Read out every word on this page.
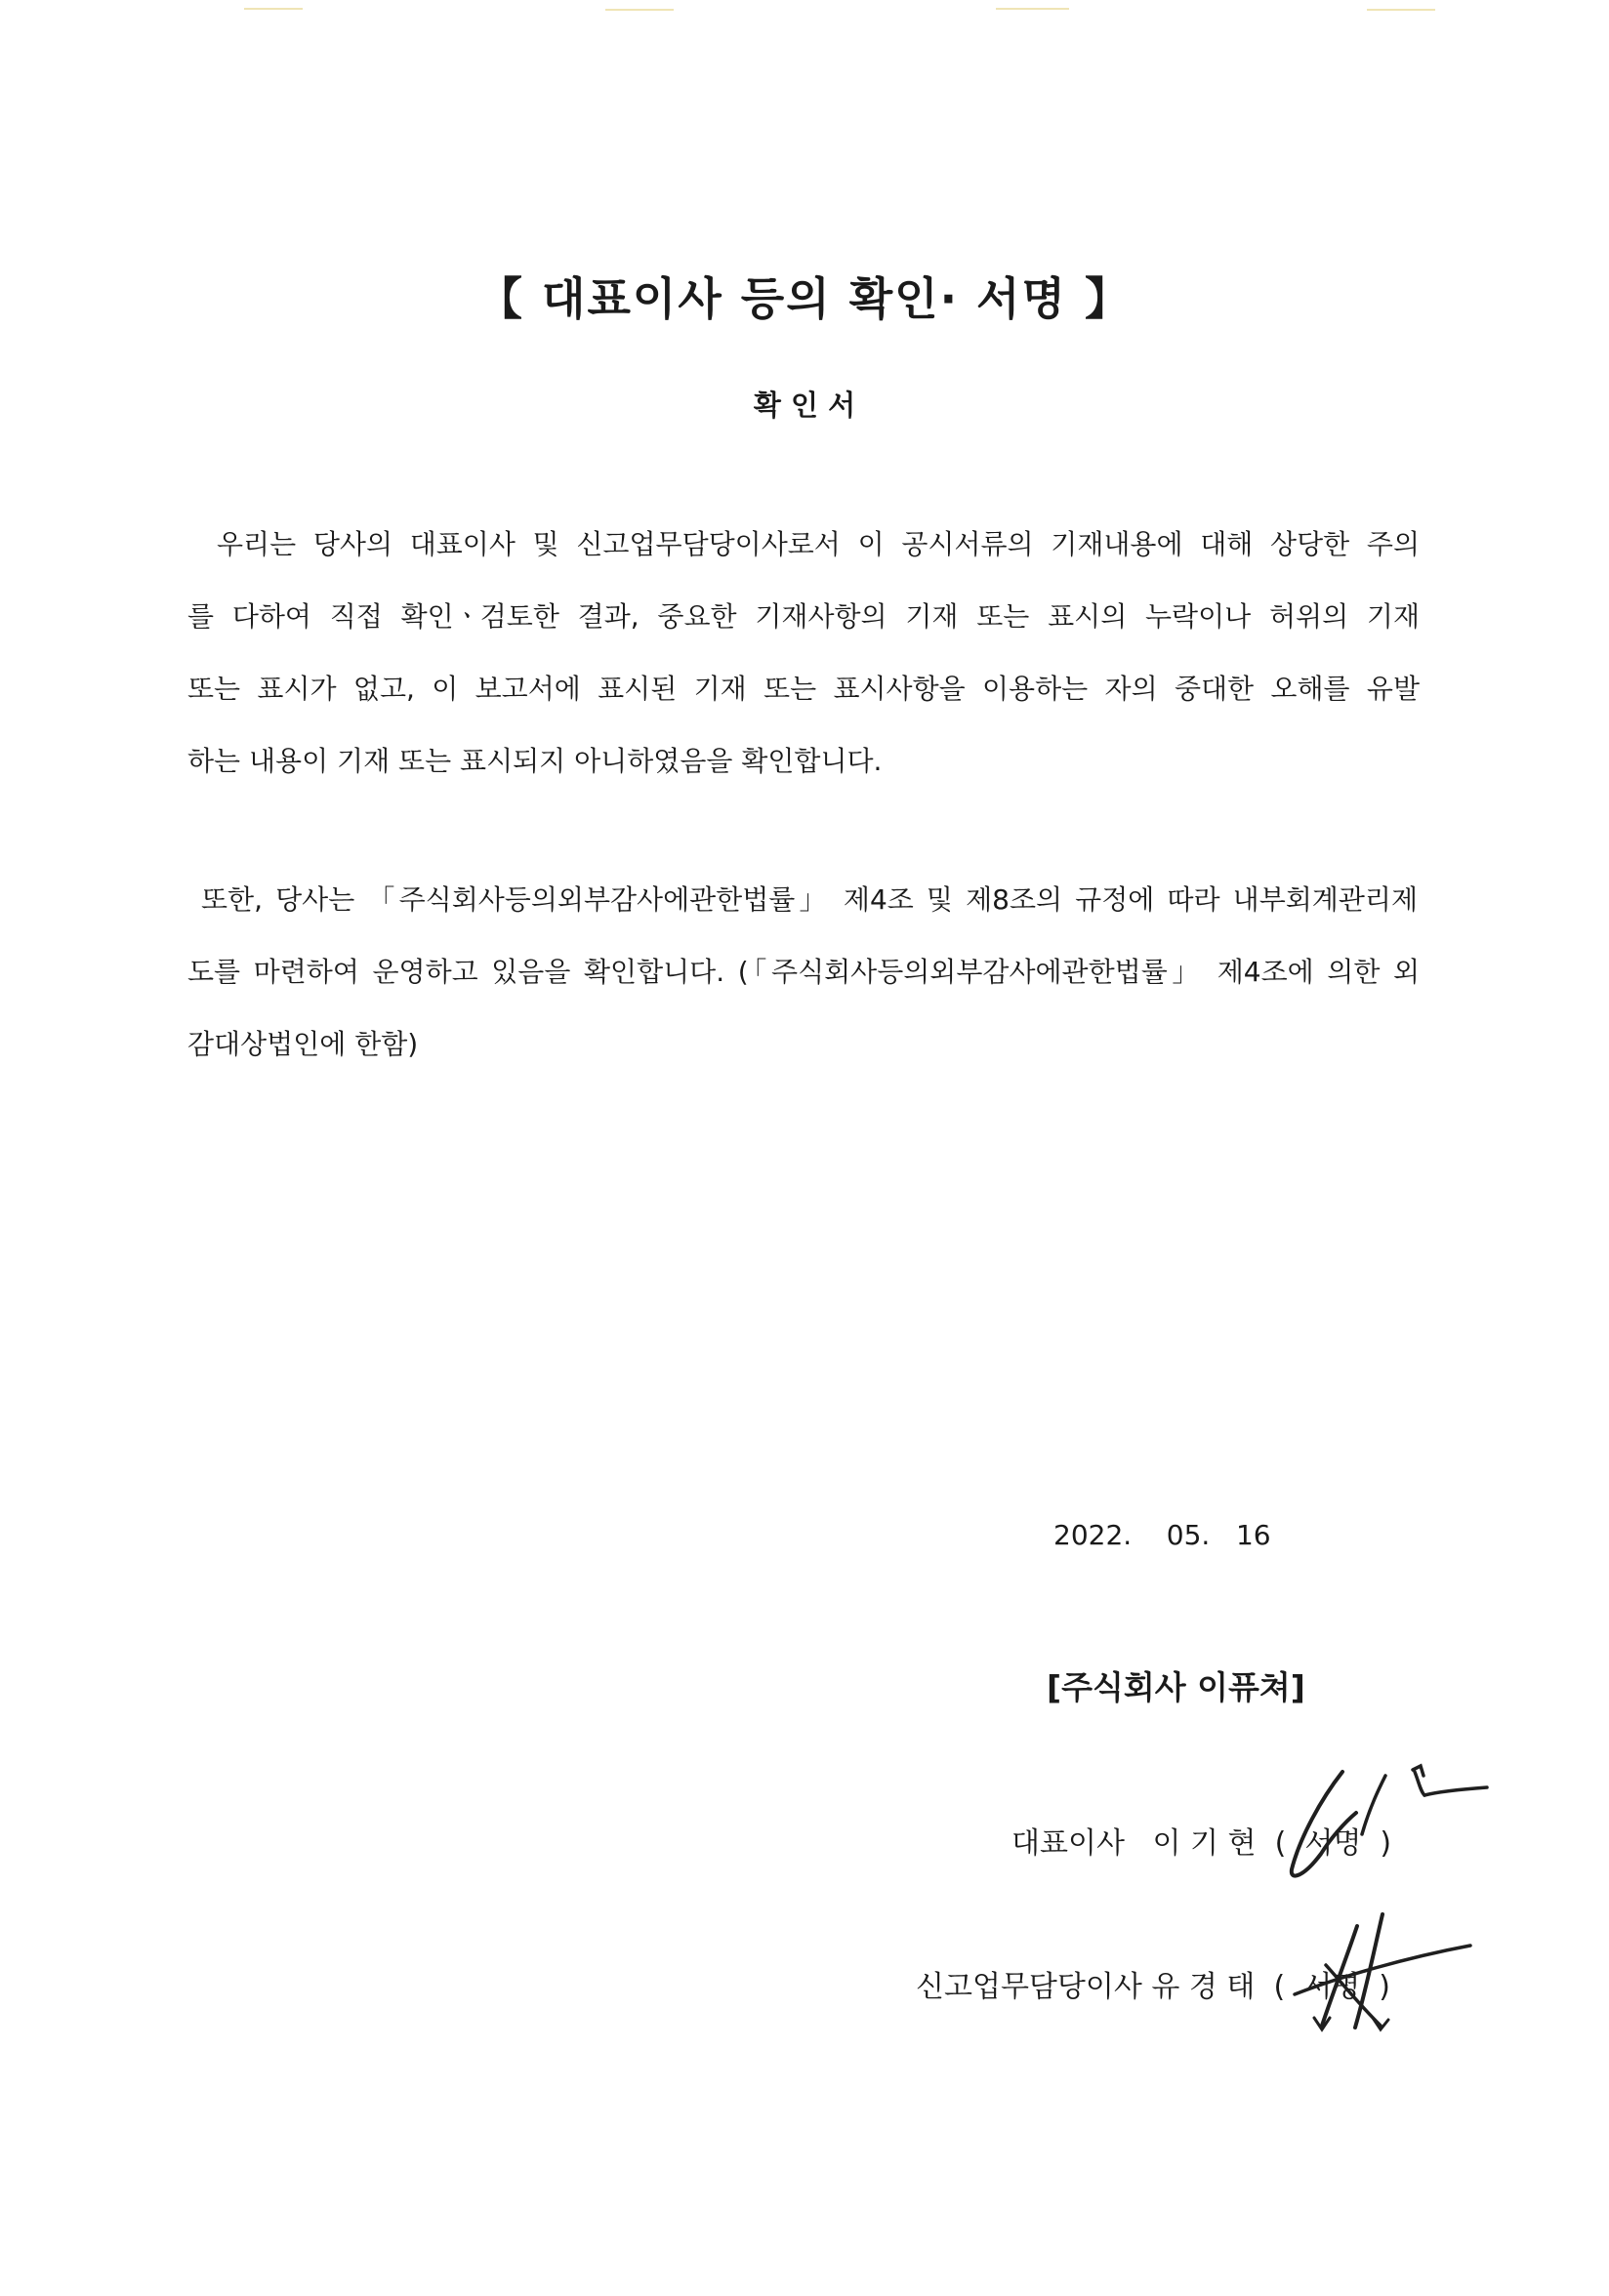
【 대표이사 등의 확인· 서명 】
확 인 서
우리는 당사의 대표이사 및 신고업무담당이사로서 이 공시서류의 기재내용에 대해 상당한 주의
를 다하여 직접 확인ㆍ검토한 결과, 중요한 기재사항의 기재 또는 표시의 누락이나 허위의 기재
또는 표시가 없고, 이 보고서에 표시된 기재 또는 표시사항을 이용하는 자의 중대한 오해를 유발
하는 내용이 기재 또는 표시되지 아니하였음을 확인합니다.
또한, 당사는 「주식회사등의외부감사에관한법률」 제4조 및 제8조의 규정에 따라 내부회계관리제
도를 마련하여 운영하고 있음을 확인합니다. (「주식회사등의외부감사에관한법률」 제4조에 의한 외
감대상법인에 한함)
2022.    05.   16
[주식회사 이퓨쳐]
대표이사   이 기 현  (  서명  )
신고업무담당이사 유 경 태  (  서명  )
